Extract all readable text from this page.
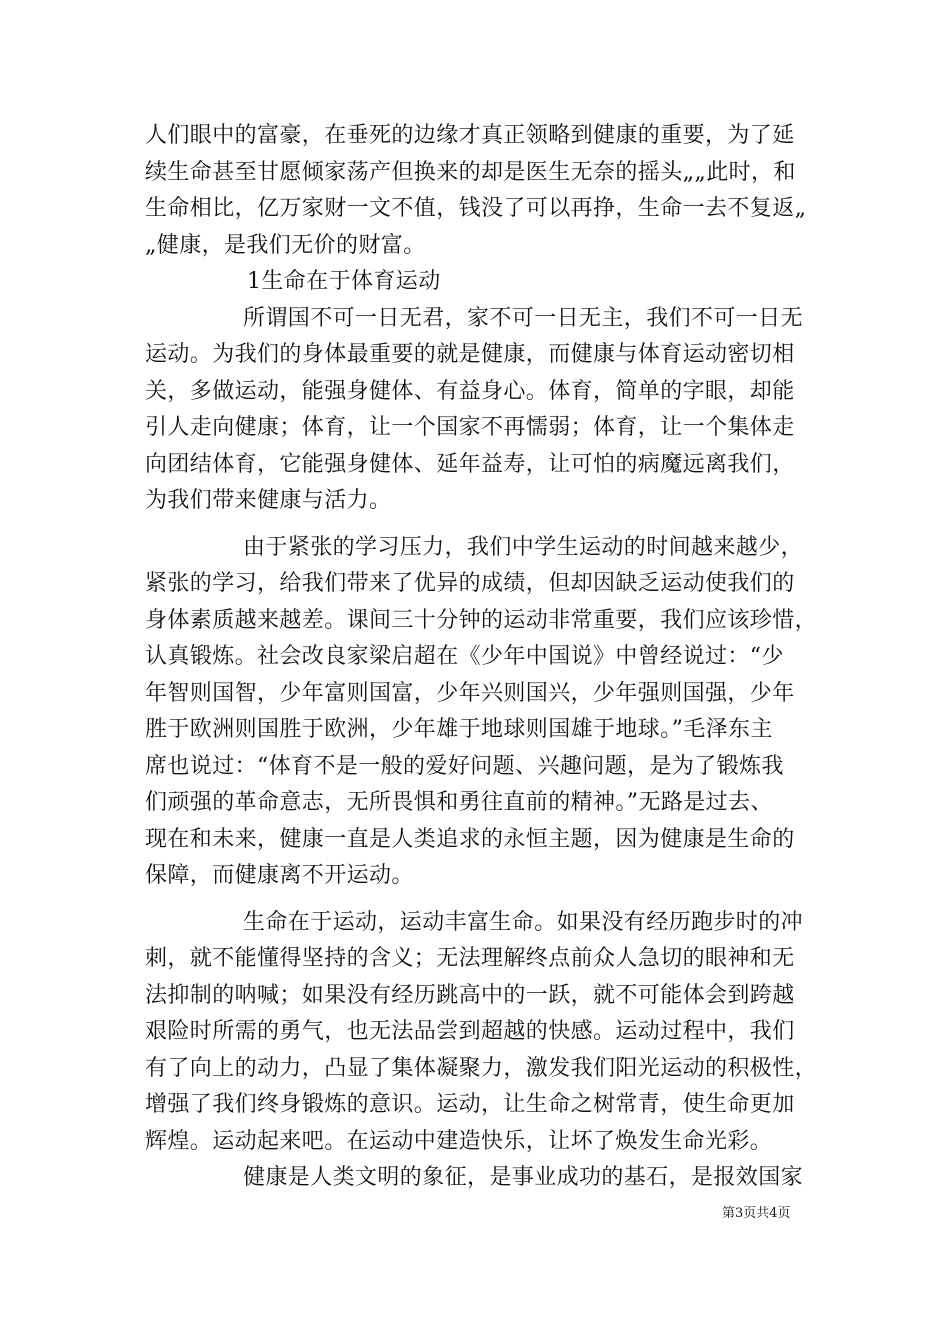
人们眼中的富豪，在垂死的边缘才真正领略到健康的重要，为了延
续生命甚至甘愿倾家荡产但换来的却是医生无奈的摇头„„此时，和
生命相比，亿万家财一文不值，钱没了可以再挣，生命一去不复返„
„健康，是我们无价的财富。
1生命在于体育运动
所谓国不可一日无君，家不可一日无主，我们不可一日无
运动。为我们的身体最重要的就是健康，而健康与体育运动密切相
关，多做运动，能强身健体、有益身心。体育，简单的字眼，却能
引人走向健康；体育，让一个国家不再懦弱；体育，让一个集体走
向团结体育，它能强身健体、延年益寿，让可怕的病魔远离我们，
为我们带来健康与活力。
由于紧张的学习压力，我们中学生运动的时间越来越少，
紧张的学习，给我们带来了优异的成绩，但却因缺乏运动使我们的
身体素质越来越差。课间三十分钟的运动非常重要，我们应该珍惜，
认真锻炼。社会改良家梁启超在《少年中国说》中曾经说过：“少
年智则国智，少年富则国富，少年兴则国兴，少年强则国强，少年
胜于欧洲则国胜于欧洲，少年雄于地球则国雄于地球。”毛泽东主
席也说过：“体育不是一般的爱好问题、兴趣问题，是为了锻炼我
们顽强的革命意志，无所畏惧和勇往直前的精神。”无路是过去、
现在和未来，健康一直是人类追求的永恒主题，因为健康是生命的
保障，而健康离不开运动。
生命在于运动，运动丰富生命。如果没有经历跑步时的冲
刺，就不能懂得坚持的含义；无法理解终点前众人急切的眼神和无
法抑制的呐喊；如果没有经历跳高中的一跃，就不可能体会到跨越
艰险时所需的勇气，也无法品尝到超越的快感。运动过程中，我们
有了向上的动力，凸显了集体凝聚力，激发我们阳光运动的积极性，
增强了我们终身锻炼的意识。运动，让生命之树常青，使生命更加
辉煌。运动起来吧。在运动中建造快乐，让坏了焕发生命光彩。
健康是人类文明的象征，是事业成功的基石，是报效国家
第3页共4页
